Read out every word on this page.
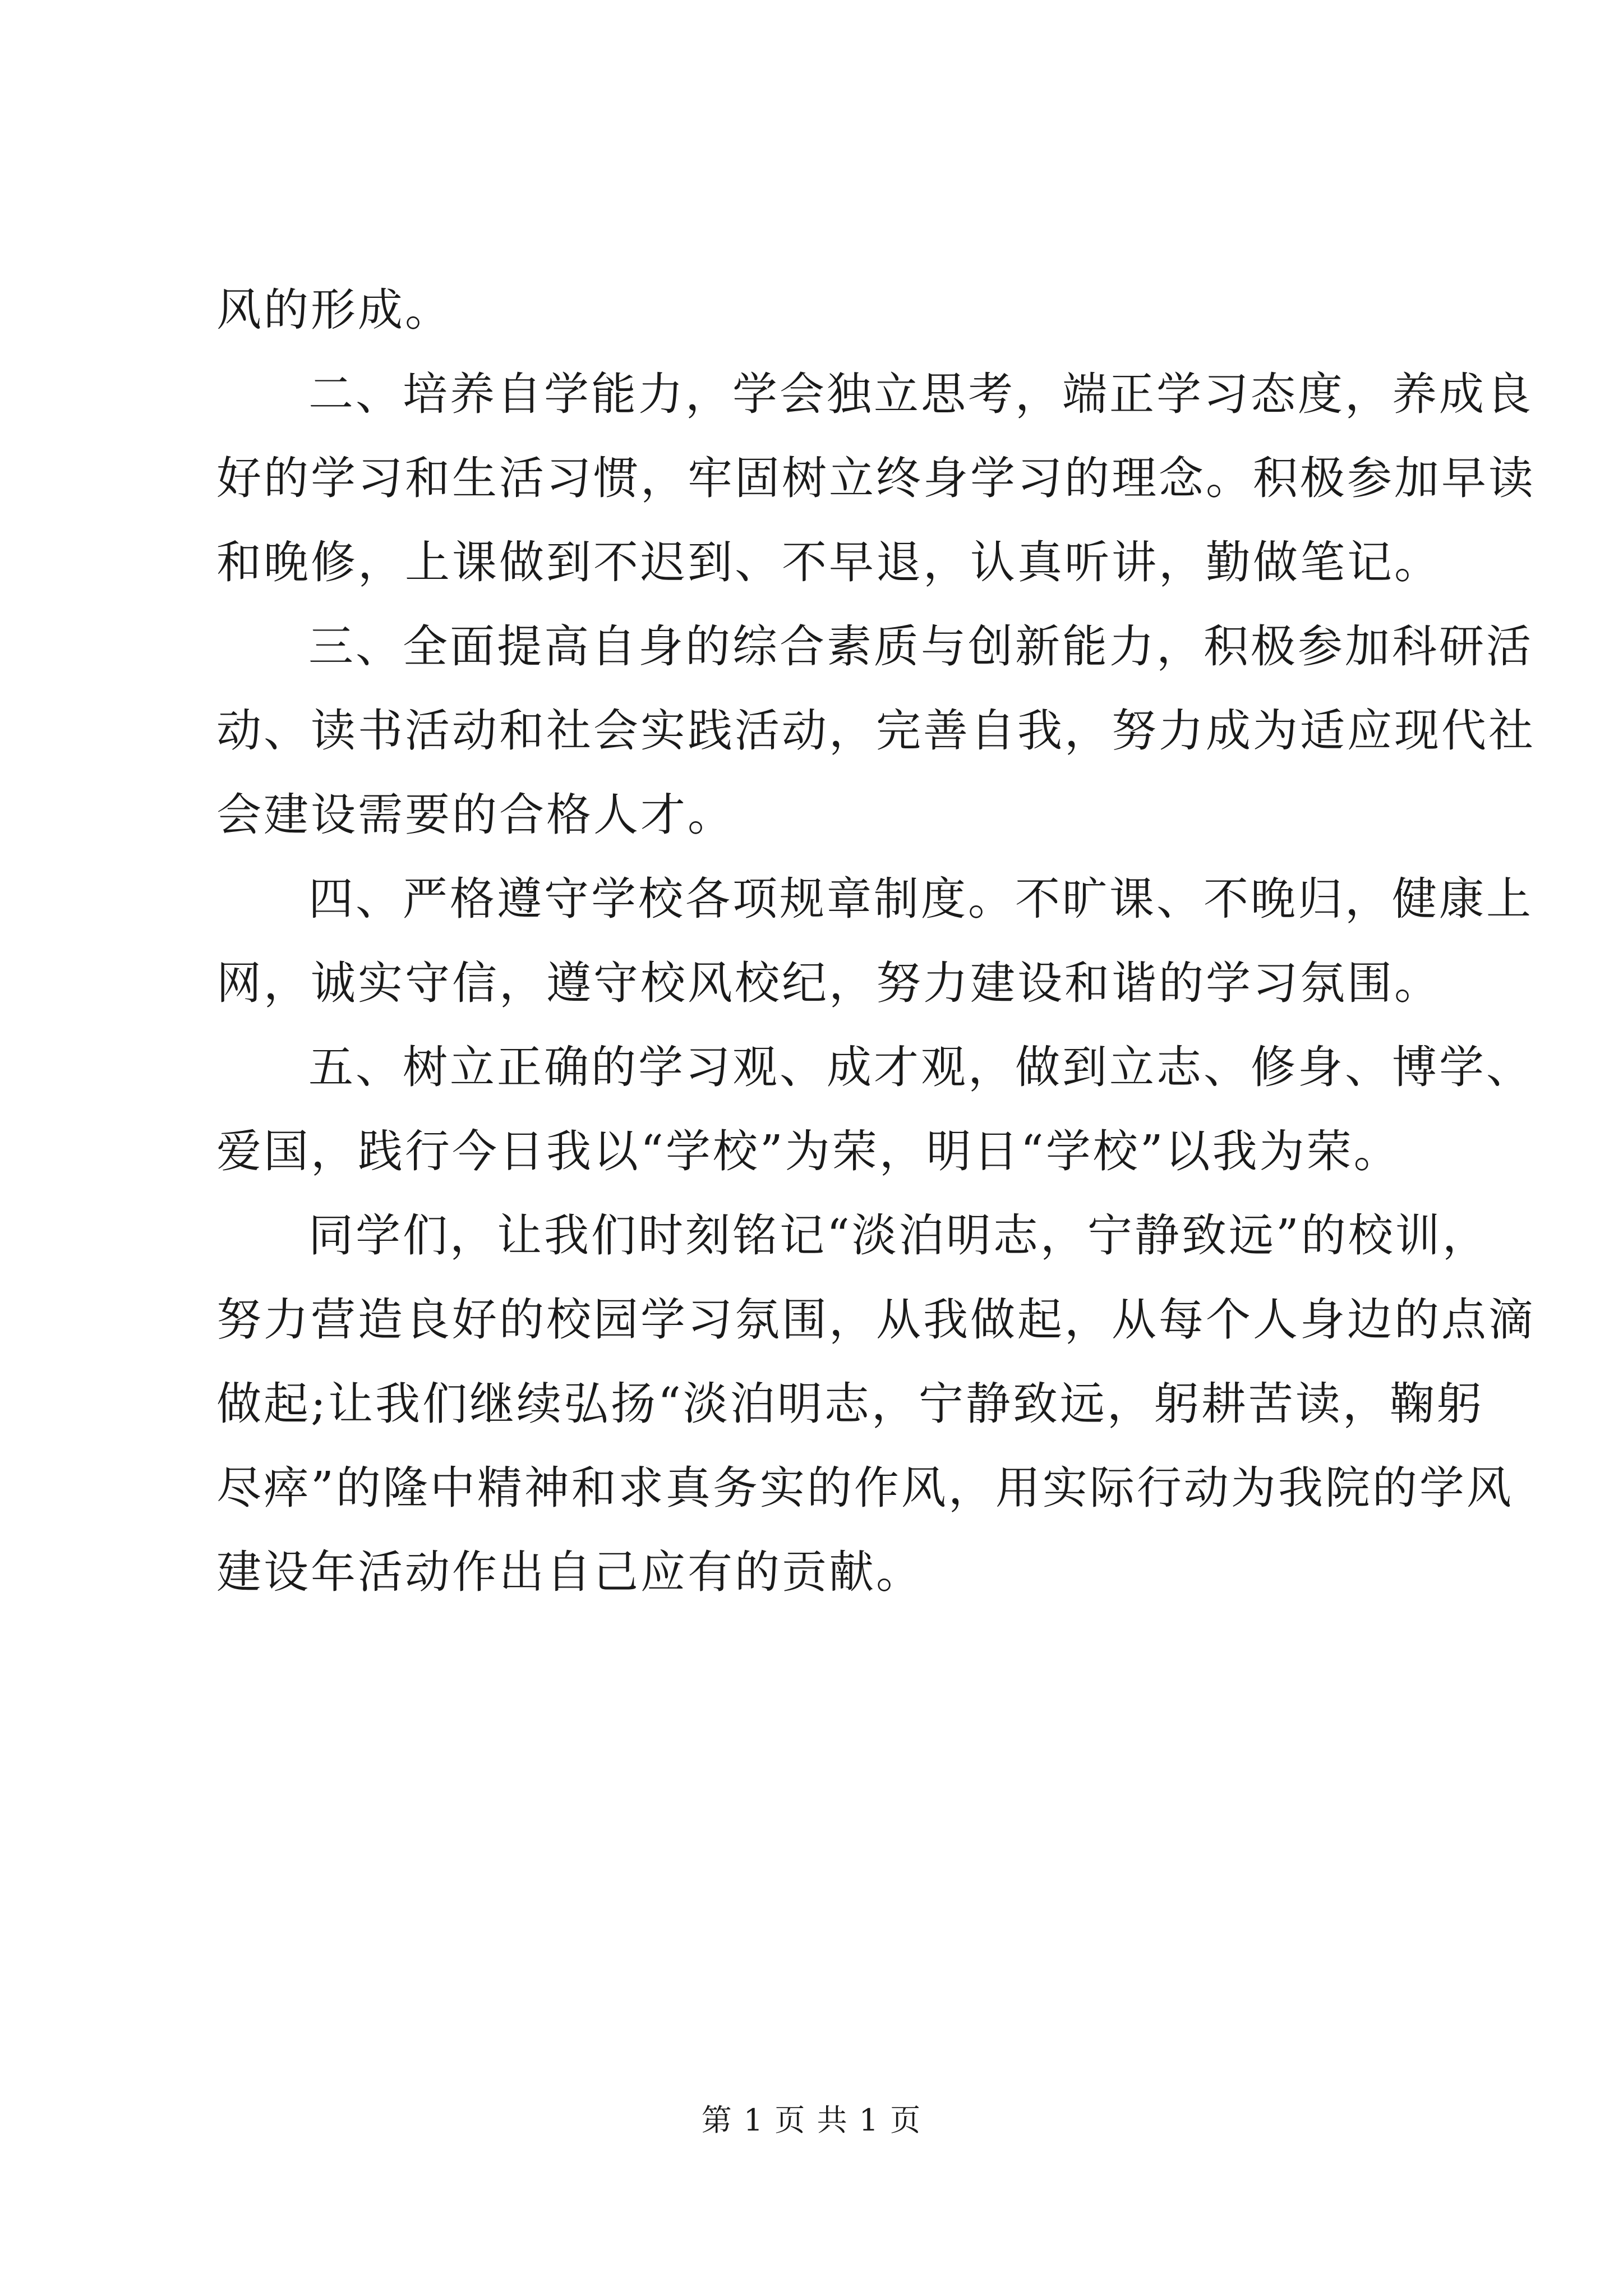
风的形成。
二、培养自学能力，学会独立思考，端正学习态度，养成良
好的学习和生活习惯，牢固树立终身学习的理念。积极参加早读
和晚修，上课做到不迟到、不早退，认真听讲，勤做笔记。
三、全面提高自身的综合素质与创新能力，积极参加科研活
动、读书活动和社会实践活动，完善自我，努力成为适应现代社
会建设需要的合格人才。
四、严格遵守学校各项规章制度。不旷课、不晚归，健康上
网，诚实守信，遵守校风校纪，努力建设和谐的学习氛围。
五、树立正确的学习观、成才观，做到立志、修身、博学、
爱国，践行今日我以“学校”为荣，明日“学校”以我为荣。
同学们，让我们时刻铭记“淡泊明志，宁静致远”的校训，
努力营造良好的校园学习氛围，从我做起，从每个人身边的点滴
做起;让我们继续弘扬“淡泊明志，宁静致远，躬耕苦读，鞠躬
尽瘁”的隆中精神和求真务实的作风，用实际行动为我院的学风
建设年活动作出自己应有的贡献。
第 1 页 共 1 页
